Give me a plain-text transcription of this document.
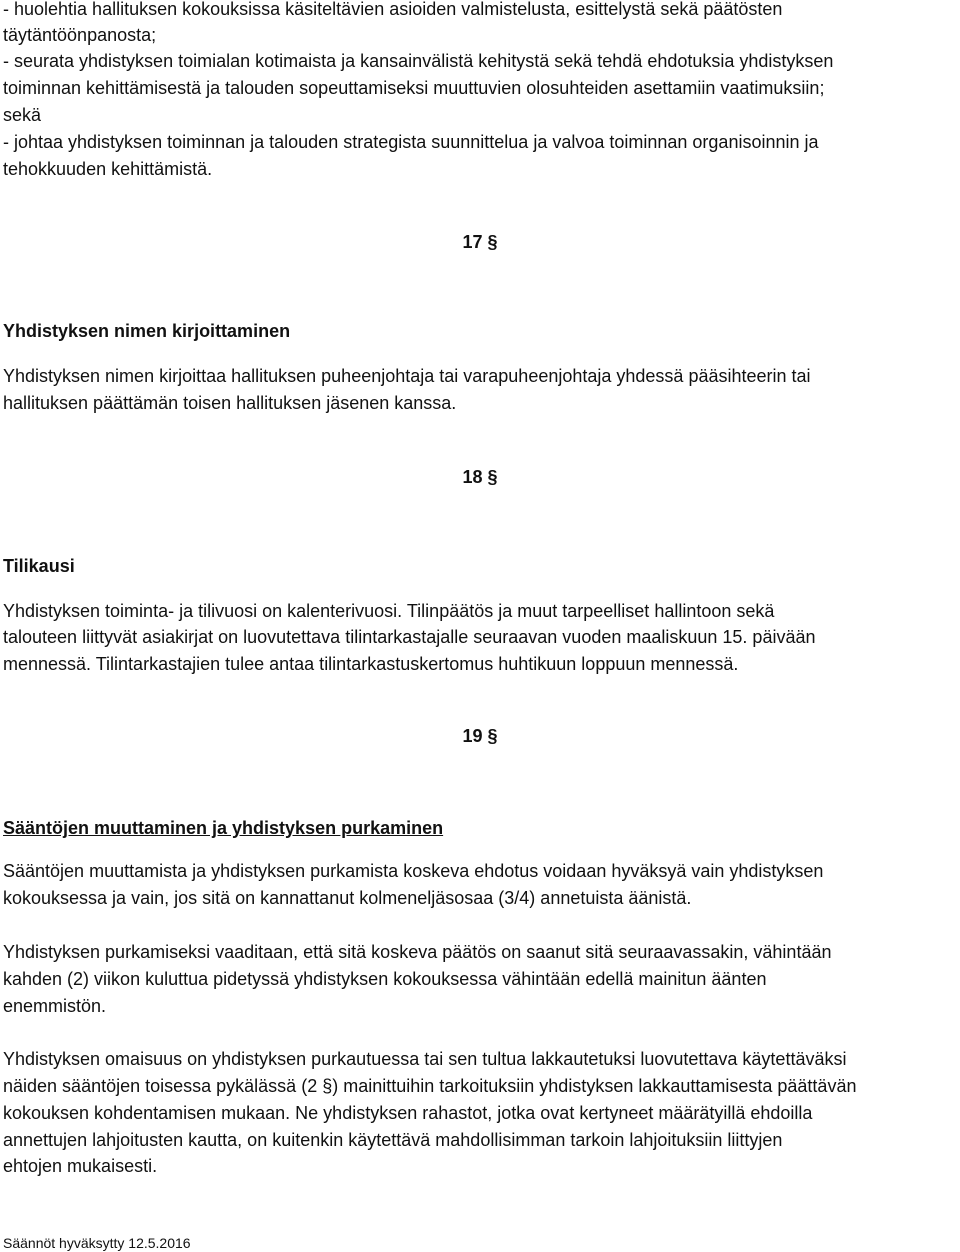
- huolehtia hallituksen kokouksissa käsiteltävien asioiden valmistelusta, esittelystä sekä päätösten
täytäntöönpanosta;
- seurata yhdistyksen toimialan kotimaista ja kansainvälistä kehitystä sekä tehdä ehdotuksia yhdistyksen
toiminnan kehittämisestä ja talouden sopeuttamiseksi muuttuvien olosuhteiden asettamiin vaatimuksiin;
sekä
- johtaa yhdistyksen toiminnan ja talouden strategista suunnittelua ja valvoa toiminnan organisoinnin ja
tehokkuuden kehittämistä.
17 §
Yhdistyksen nimen kirjoittaminen
Yhdistyksen nimen kirjoittaa hallituksen puheenjohtaja tai varapuheenjohtaja yhdessä pääsihteerin tai
hallituksen päättämän toisen hallituksen jäsenen kanssa.
18 §
Tilikausi
Yhdistyksen toiminta- ja tilivuosi on kalenterivuosi. Tilinpäätös ja muut tarpeelliset hallintoon sekä
talouteen liittyvät asiakirjat on luovutettava tilintarkastajalle seuraavan vuoden maaliskuun 15. päivään
mennessä. Tilintarkastajien tulee antaa tilintarkastuskertomus huhtikuun loppuun mennessä.
19 §
Sääntöjen muuttaminen ja yhdistyksen purkaminen
Sääntöjen muuttamista ja yhdistyksen purkamista koskeva ehdotus voidaan hyväksyä vain yhdistyksen
kokouksessa ja vain, jos sitä on kannattanut kolmeneljäsosaa (3/4) annetuista äänistä.
Yhdistyksen purkamiseksi vaaditaan, että sitä koskeva päätös on saanut sitä seuraavassakin, vähintään
kahden (2) viikon kuluttua pidetyssä yhdistyksen kokouksessa vähintään edellä mainitun äänten
enemmistön.
Yhdistyksen omaisuus on yhdistyksen purkautuessa tai sen tultua lakkautetuksi luovutettava käytettäväksi
näiden sääntöjen toisessa pykälässä (2 §) mainittuihin tarkoituksiin yhdistyksen lakkauttamisesta päättävän
kokouksen kohdentamisen mukaan. Ne yhdistyksen rahastot, jotka ovat kertyneet määrätyillä ehdoilla
annettujen lahjoitusten kautta, on kuitenkin käytettävä mahdollisimman tarkoin lahjoituksiin liittyjen
ehtojen mukaisesti.
Säännöt hyväksytty 12.5.2016
